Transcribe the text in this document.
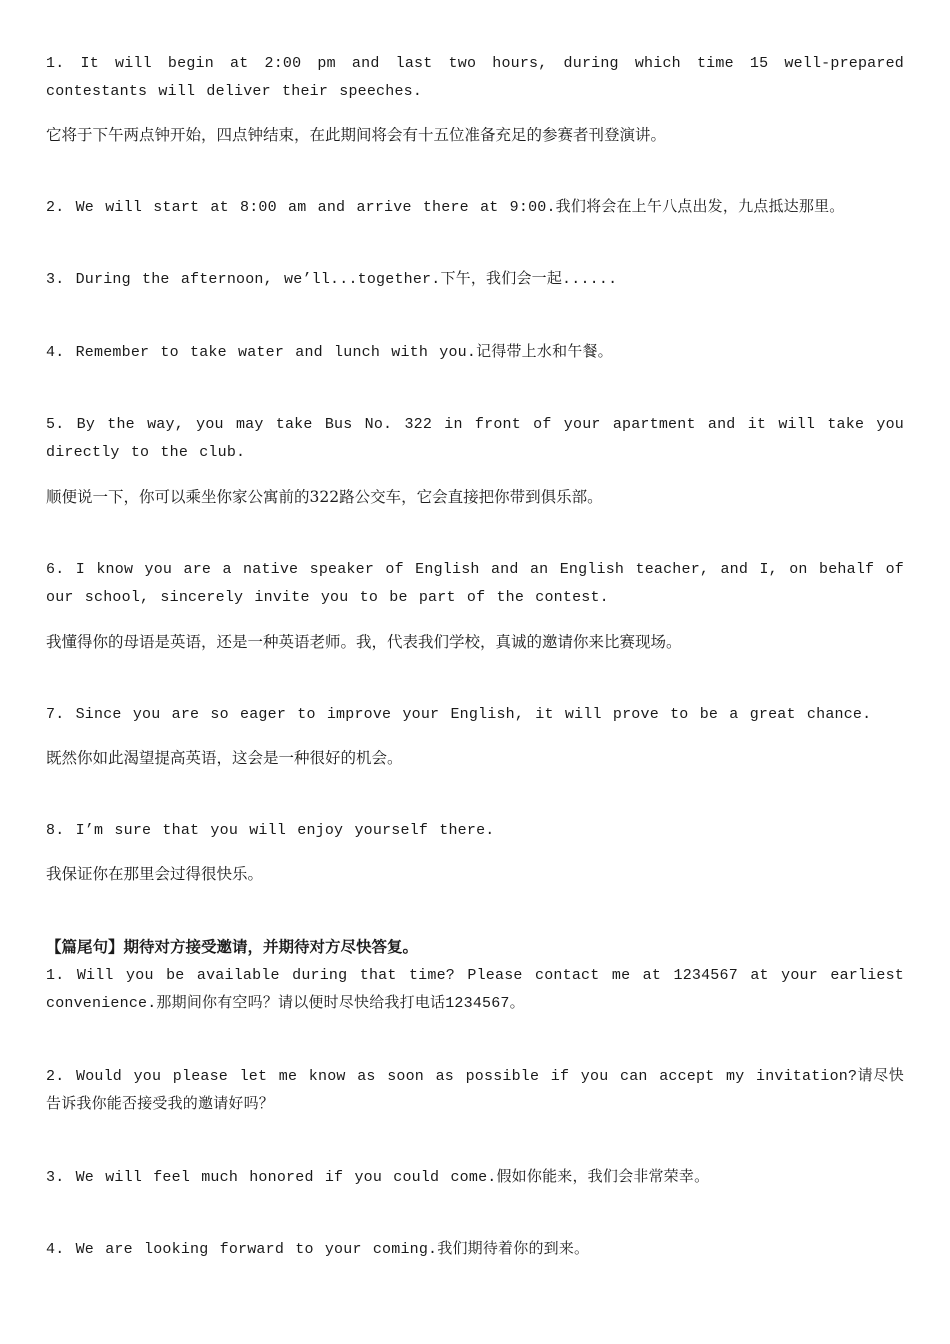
1. It will begin at 2:00 pm and last two hours, during which time 15 well-prepared contestants will deliver their speeches.

它将于下午两点钟开始，四点钟结束，在此期间将会有十五位准备充足的参赛者刊登演讲。

2. We will start at 8:00 am and arrive there at 9:00.我们将会在上午八点出发，九点抵达那里。

3. During the afternoon, we’ll...together.下午，我们会一起......

4. Remember to take water and lunch with you.记得带上水和午餐。

5. By the way, you may take Bus No. 322 in front of your apartment and it will take you directly to the club.

顺便说一下，你可以乘坐你家公寓前的322路公交车，它会直接把你带到俱乐部。

6. I know you are a native speaker of English and an English teacher, and I, on behalf of our school, sincerely invite you to be part of the contest.

我懂得你的母语是英语，还是一种英语老师。我，代表我们学校，真诚的邀请你来比赛现场。

7. Since you are so eager to improve your English, it will prove to be a great chance.

既然你如此渴望提高英语，这会是一种很好的机会。

8. I’m sure that you will enjoy yourself there.

我保证你在那里会过得很快乐。

【篇尾句】期待对方接受邀请，并期待对方尽快答复。

1. Will you be available during that time? Please contact me at 1234567 at your earliest convenience.那期间你有空吗？请以便时尽快给我打电话1234567。

2. Would you please let me know as soon as possible if you can accept my invitation?请尽快告诉我你能否接受我的邀请好吗？

3. We will feel much honored if you could come.假如你能来，我们会非常荣幸。

4. We are looking forward to your coming.我们期待着你的到来。
